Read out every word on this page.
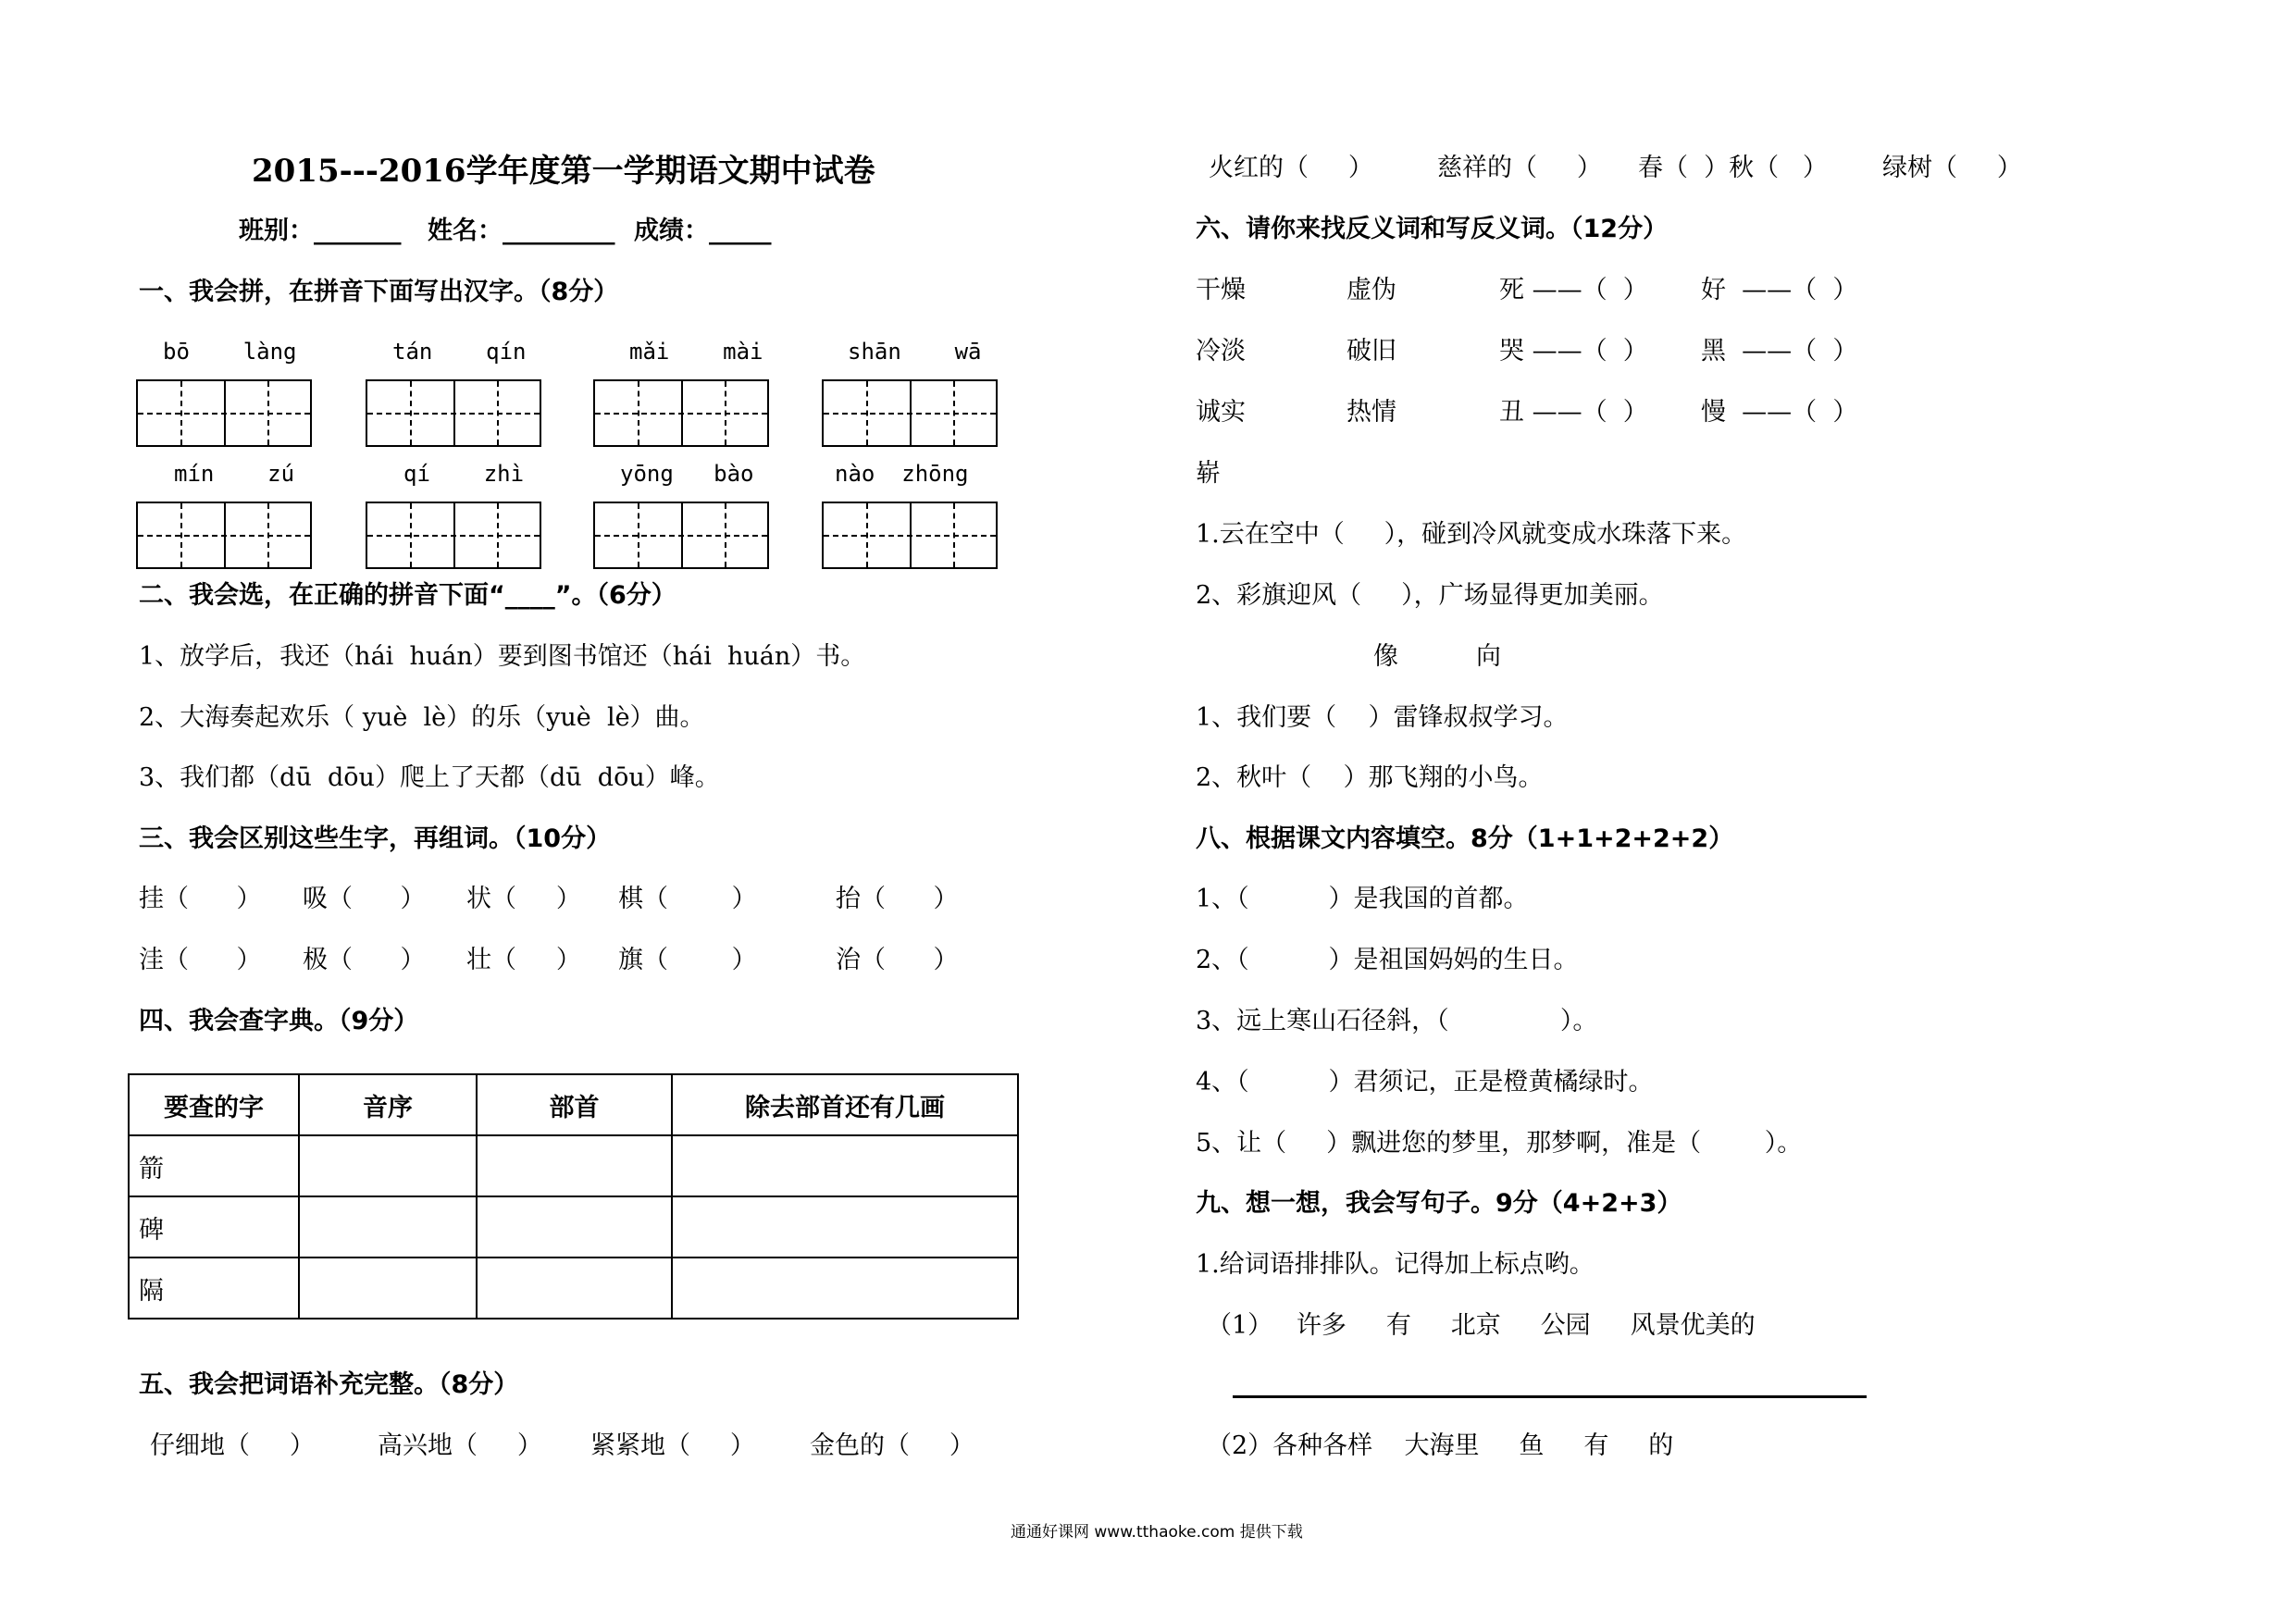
2015---2016学年度第一学期语文期中试卷
班别：_______ 姓名：_________ 成绩：_____
一、我会拼，在拼音下面写出汉字。（8分）
bō    làng	tán    qín	mǎi    mài	shān    wā
mín    zú	qí    zhì	yōng   bào	nào  zhōng
二、我会选，在正确的拼音下面“____”。（6分）
1、放学后，我还（hái  huán）要到图书馆还（hái  huán）书。
2、大海奏起欢乐（ yuè  lè）的乐（yuè  lè）曲。
3、我们都（dū  dōu）爬上了天都（dū  dōu）峰。
三、我会区别这些生字，再组词。（10分）
挂（      ） 吸（      ） 状（     ） 棋（        ）	抬（      ）
洼（      ） 极（      ） 壮（     ） 旗（        ）	治（      ）
四、我会查字典。（9分）
要查的字	音序	部首	除去部首还有几画
箭			
碑			
隔			
五、我会把词语补充完整。（8分）
仔细地（     ）	高兴地（     ） 紧紧地（     ） 金色的（     ）
火红的（     ）	慈祥的（     ） 春（  ）秋（   ） 绿树（     ）
六、请你来找反义词和写反义词。（12分）
干燥	虚伪	死 ——（  ） 好  ——（  ）
冷淡	破旧	哭 ——（  ） 黑  ——（  ）
诚实	热情	丑 ——（  ） 慢  ——（  ）
崭
1.云在空中（     ），碰到冷风就变成水珠落下来。
2、彩旗迎风（     ），广场显得更加美丽。
像	向
1、我们要（    ）雷锋叔叔学习。
2、秋叶（    ）那飞翔的小鸟。
八、根据课文内容填空。8分（1+1+2+2+2）
1、（          ）是我国的首都。
2、（          ）是祖国妈妈的生日。
3、远上寒山石径斜，（              ）。
4、（          ）君须记，正是橙黄橘绿时。
5、让（     ）飘进您的梦里，那梦啊，准是（        ）。
九、想一想，我会写句子。9分（4+2+3）
1.给词语排排队。记得加上标点哟。
（1）   许多     有     北京     公园     风景优美的
（2）各种各样    大海里     鱼     有     的
通通好课网 www.tthaoke.com 提供下载
